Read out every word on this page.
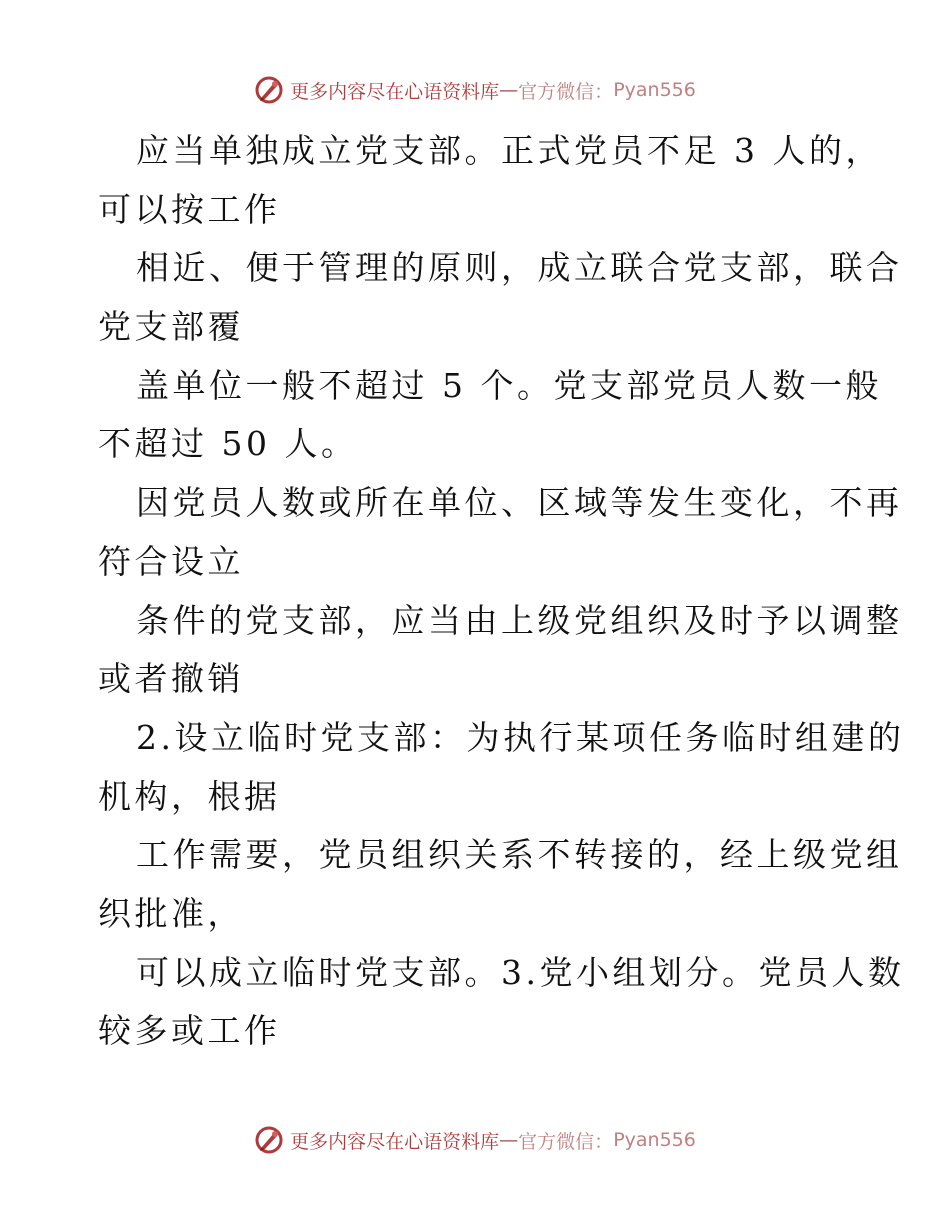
更多内容尽在心语资料库 — 官方微信： Pyan556
应当单独成立党支部。正式党员不足 3 人的，
可以按工作
相近、便于管理的原则，成立联合党支部，联合
党支部覆
盖单位一般不超过 5 个。党支部党员人数一般
不超过 50 人。
因党员人数或所在单位、区域等发生变化，不再
符合设立
条件的党支部，应当由上级党组织及时予以调整
或者撤销
2.设立临时党支部：为执行某项任务临时组建的
机构，根据
工作需要，党员组织关系不转接的，经上级党组
织批准，
可以成立临时党支部。3.党小组划分。党员人数
较多或工作
更多内容尽在心语资料库 — 官方微信： Pyan556
